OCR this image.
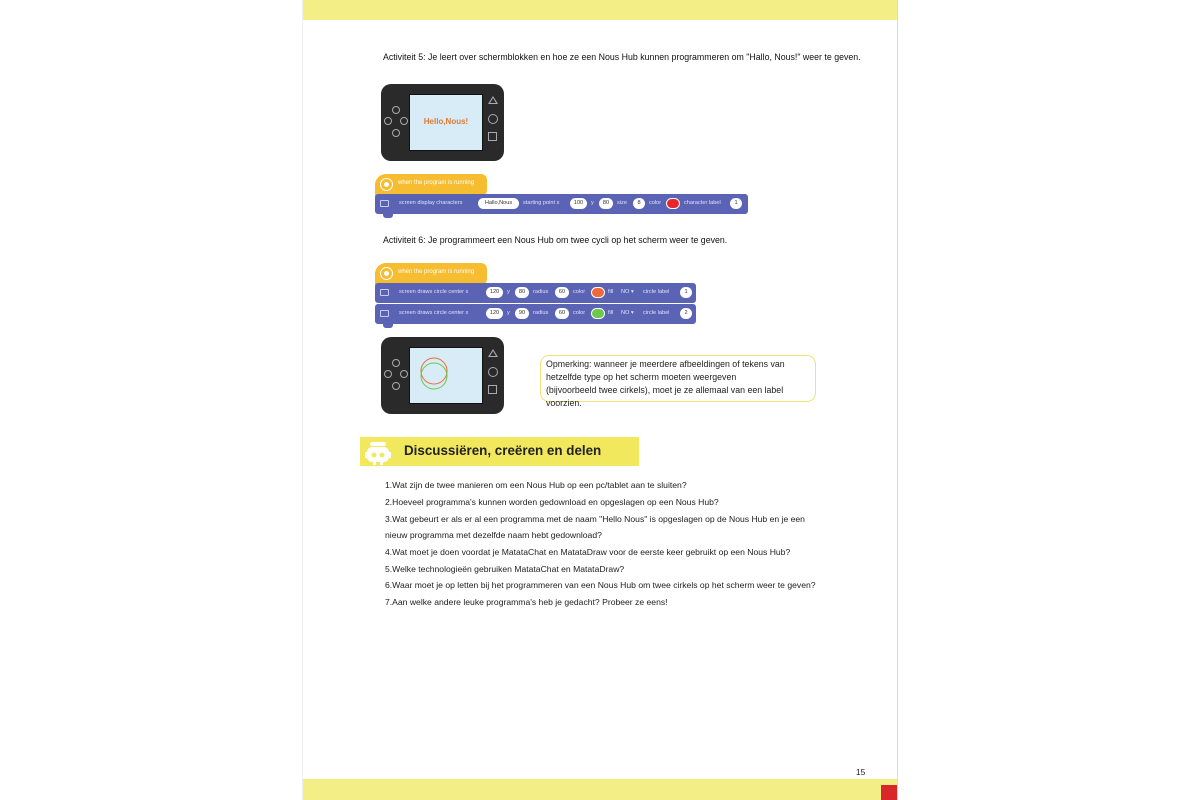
Activiteit 5: Je leert over schermblokken en hoe ze een Nous Hub kunnen programmeren om "Hallo, Nous!" weer te geven.
Hello,Nous!
when the program is running
screen display characters	Hallo,Nous	starting point x	100	y	80	size	8	color	character label	1
Activiteit 6: Je programmeert een Nous Hub om twee cycli op het scherm weer te geven.
when the program is running
screen draws circle center x	120	y	80	radius	60	color	fill NO ▾ circle label	1
screen draws circle center x	120	y	90	radius	60	color	fill NO ▾ circle label	2
Opmerking: wanneer je meerdere afbeeldingen of tekens van
hetzelfde type op het scherm moeten weergeven
(bijvoorbeeld twee cirkels), moet je ze allemaal van een label
voorzien.
Discussiëren, creëren en delen
1.Wat zijn de twee manieren om een Nous Hub op een pc/tablet aan te sluiten?
2.Hoeveel programma's kunnen worden gedownload en opgeslagen op een Nous Hub?
3.Wat gebeurt er als er al een programma met de naam "Hello Nous" is opgeslagen op de Nous Hub en je een
nieuw programma met dezelfde naam hebt gedownload?
4.Wat moet je doen voordat je MatataChat en MatataDraw voor de eerste keer gebruikt op een Nous Hub?
5.Welke technologieën gebruiken MatataChat en MatataDraw?
6.Waar moet je op letten bij het programmeren van een Nous Hub om twee cirkels op het scherm weer te geven?
7.Aan welke andere leuke programma's heb je gedacht? Probeer ze eens!
15
